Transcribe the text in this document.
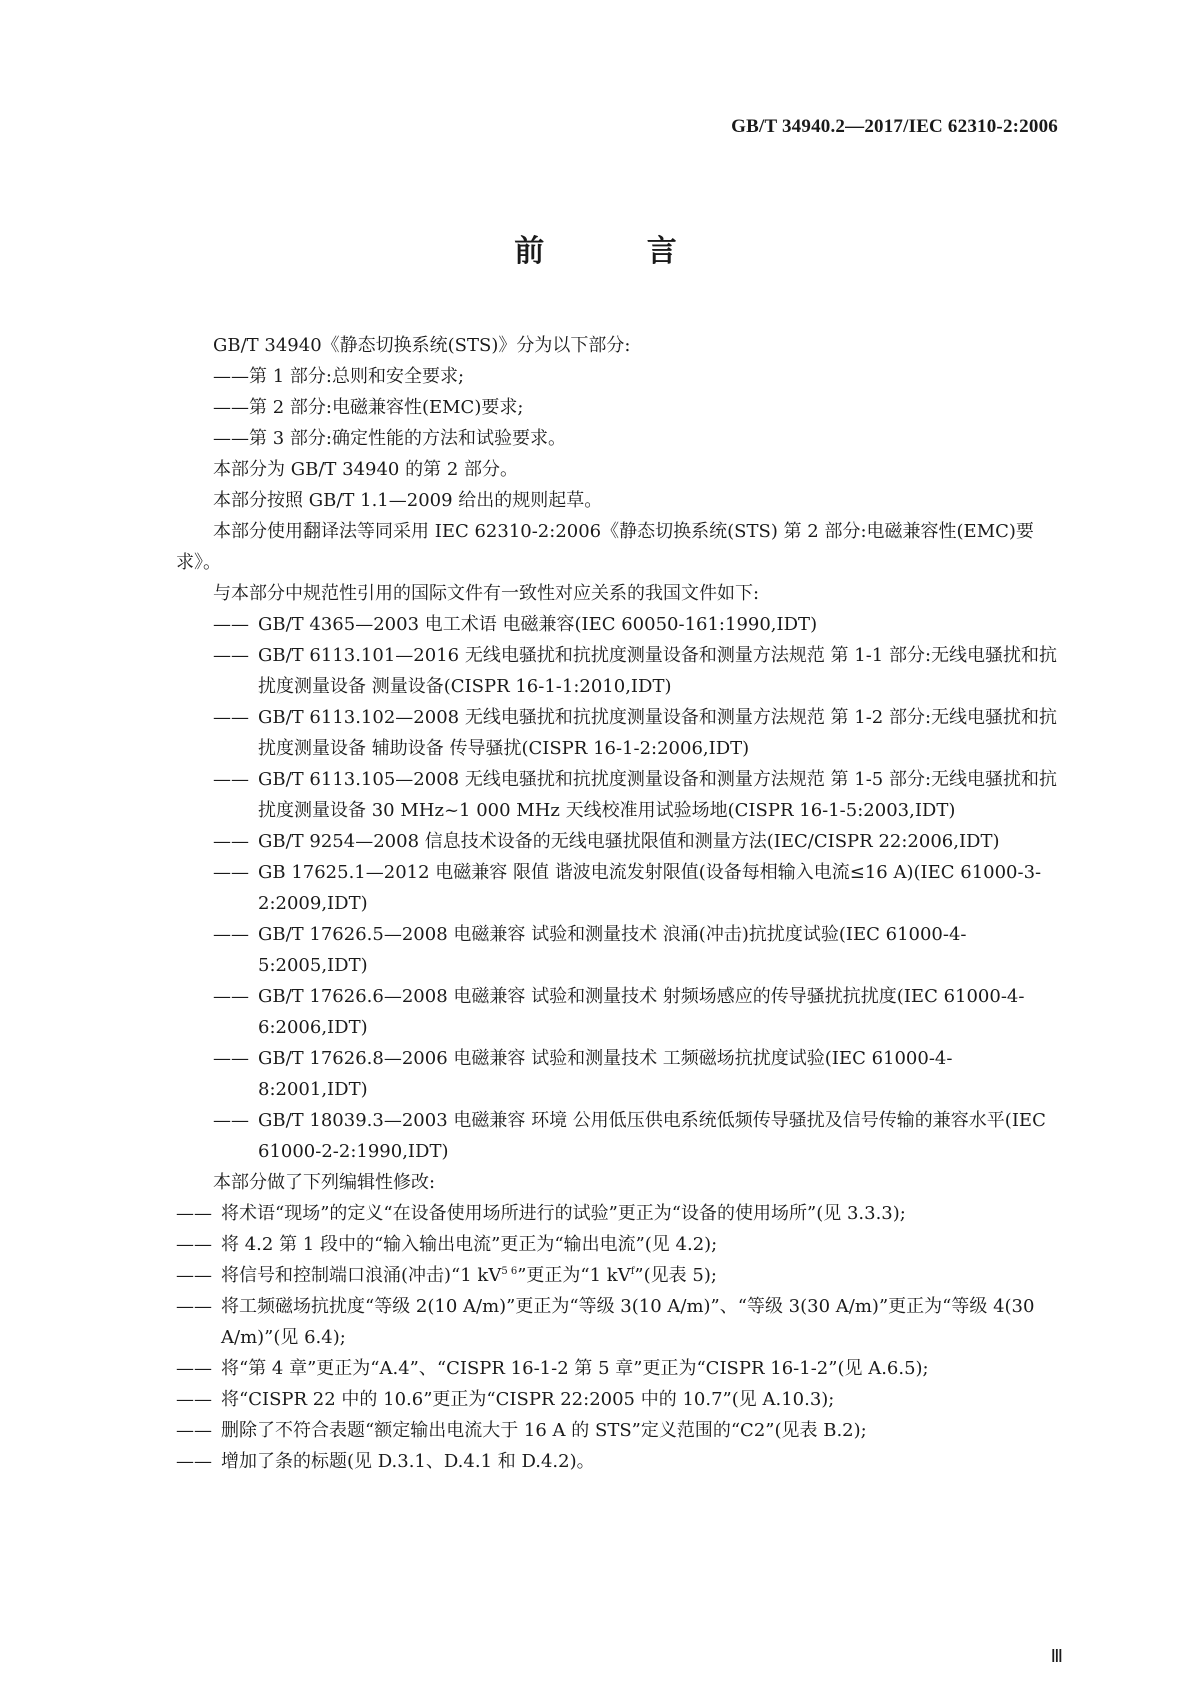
GB/T 34940.2—2017/IEC 62310-2:2006
前 言

GB/T 34940《静态切换系统(STS)》分为以下部分:

——第 1 部分:总则和安全要求;

——第 2 部分:电磁兼容性(EMC)要求;

——第 3 部分:确定性能的方法和试验要求。

本部分为 GB/T 34940 的第 2 部分。

本部分按照 GB/T 1.1—2009 给出的规则起草。

本部分使用翻译法等同采用 IEC 62310-2:2006《静态切换系统(STS) 第 2 部分:电磁兼容性(EMC)要求》。

与本部分中规范性引用的国际文件有一致性对应关系的我国文件如下:

—— GB/T 4365—2003 电工术语 电磁兼容(IEC 60050-161:1990,IDT)
—— GB/T 6113.101—2016 无线电骚扰和抗扰度测量设备和测量方法规范 第 1-1 部分:无线电骚扰和抗扰度测量设备 测量设备(CISPR 16-1-1:2010,IDT)
—— GB/T 6113.102—2008 无线电骚扰和抗扰度测量设备和测量方法规范 第 1-2 部分:无线电骚扰和抗扰度测量设备 辅助设备 传导骚扰(CISPR 16-1-2:2006,IDT)
—— GB/T 6113.105—2008 无线电骚扰和抗扰度测量设备和测量方法规范 第 1-5 部分:无线电骚扰和抗扰度测量设备 30 MHz~1 000 MHz 天线校准用试验场地(CISPR 16-1-5:2003,IDT)
—— GB/T 9254—2008 信息技术设备的无线电骚扰限值和测量方法(IEC/CISPR 22:2006,IDT)
—— GB 17625.1—2012 电磁兼容 限值 谐波电流发射限值(设备每相输入电流≤16 A)(IEC 61000-3-2:2009,IDT)
—— GB/T 17626.5—2008 电磁兼容 试验和测量技术 浪涌(冲击)抗扰度试验(IEC 61000-4-5:2005,IDT)
—— GB/T 17626.6—2008 电磁兼容 试验和测量技术 射频场感应的传导骚扰抗扰度(IEC 61000-4-6:2006,IDT)
—— GB/T 17626.8—2006 电磁兼容 试验和测量技术 工频磁场抗扰度试验(IEC 61000-4-8:2001,IDT)
—— GB/T 18039.3—2003 电磁兼容 环境 公用低压供电系统低频传导骚扰及信号传输的兼容水平(IEC 61000-2-2:1990,IDT)

本部分做了下列编辑性修改:

—— 将术语“现场”的定义“在设备使用场所进行的试验”更正为“设备的使用场所”(见 3.3.3);
—— 将 4.2 第 1 段中的“输入输出电流”更正为“输出电流”(见 4.2);
—— 将信号和控制端口浪涌(冲击)“1 $kV^{5 6}$”更正为“1 $kV^f$”(见表 5);
—— 将工频磁场抗扰度“等级 2(10 A/m)”更正为“等级 3(10 A/m)”、“等级 3(30 A/m)”更正为“等级 4(30 A/m)”(见 6.4);
—— 将“第 4 章”更正为“A.4”、“CISPR 16-1-2 第 5 章”更正为“CISPR 16-1-2”(见 A.6.5);
—— 将“CISPR 22 中的 10.6”更正为“CISPR 22:2005 中的 10.7”(见 A.10.3);
—— 删除了不符合表题“额定输出电流大于 16 A 的 STS”定义范围的“C2”(见表 B.2);
—— 增加了条的标题(见 D.3.1、D.4.1 和 D.4.2)。
Ⅲ
